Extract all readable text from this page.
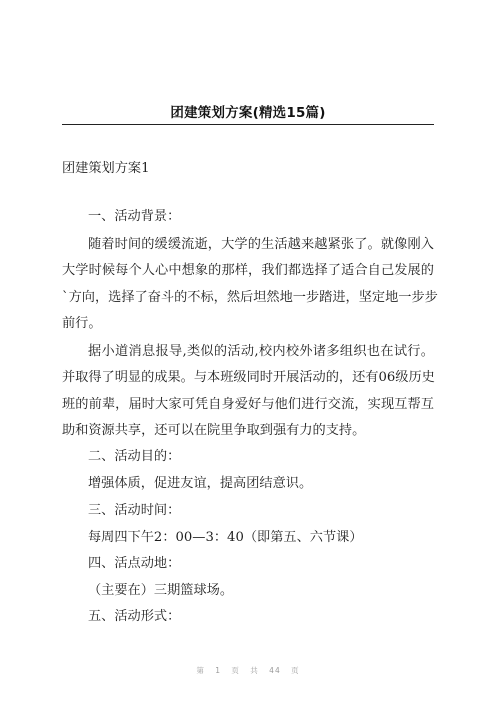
团建策划方案(精选15篇)
团建策划方案1
一、活动背景：
随着时间的缓缓流逝，大学的生活越来越紧张了。就像刚入
大学时候每个人心中想象的那样，我们都选择了适合自己发展的
`方向，选择了奋斗的不标，然后坦然地一步踏进，坚定地一步步
前行。
据小道消息报导,类似的活动,校内校外诸多组织也在试行。
并取得了明显的成果。与本班级同时开展活动的，还有06级历史
班的前辈，届时大家可凭自身爱好与他们进行交流，实现互帮互
助和资源共享，还可以在院里争取到强有力的支持。
二、活动目的：
增强体质，促进友谊，提高团结意识。
三、活动时间：
每周四下午2：00—3：40（即第五、六节课）
四、活点动地：
（主要在）三期篮球场。
五、活动形式：
第 1 页 共 44 页
